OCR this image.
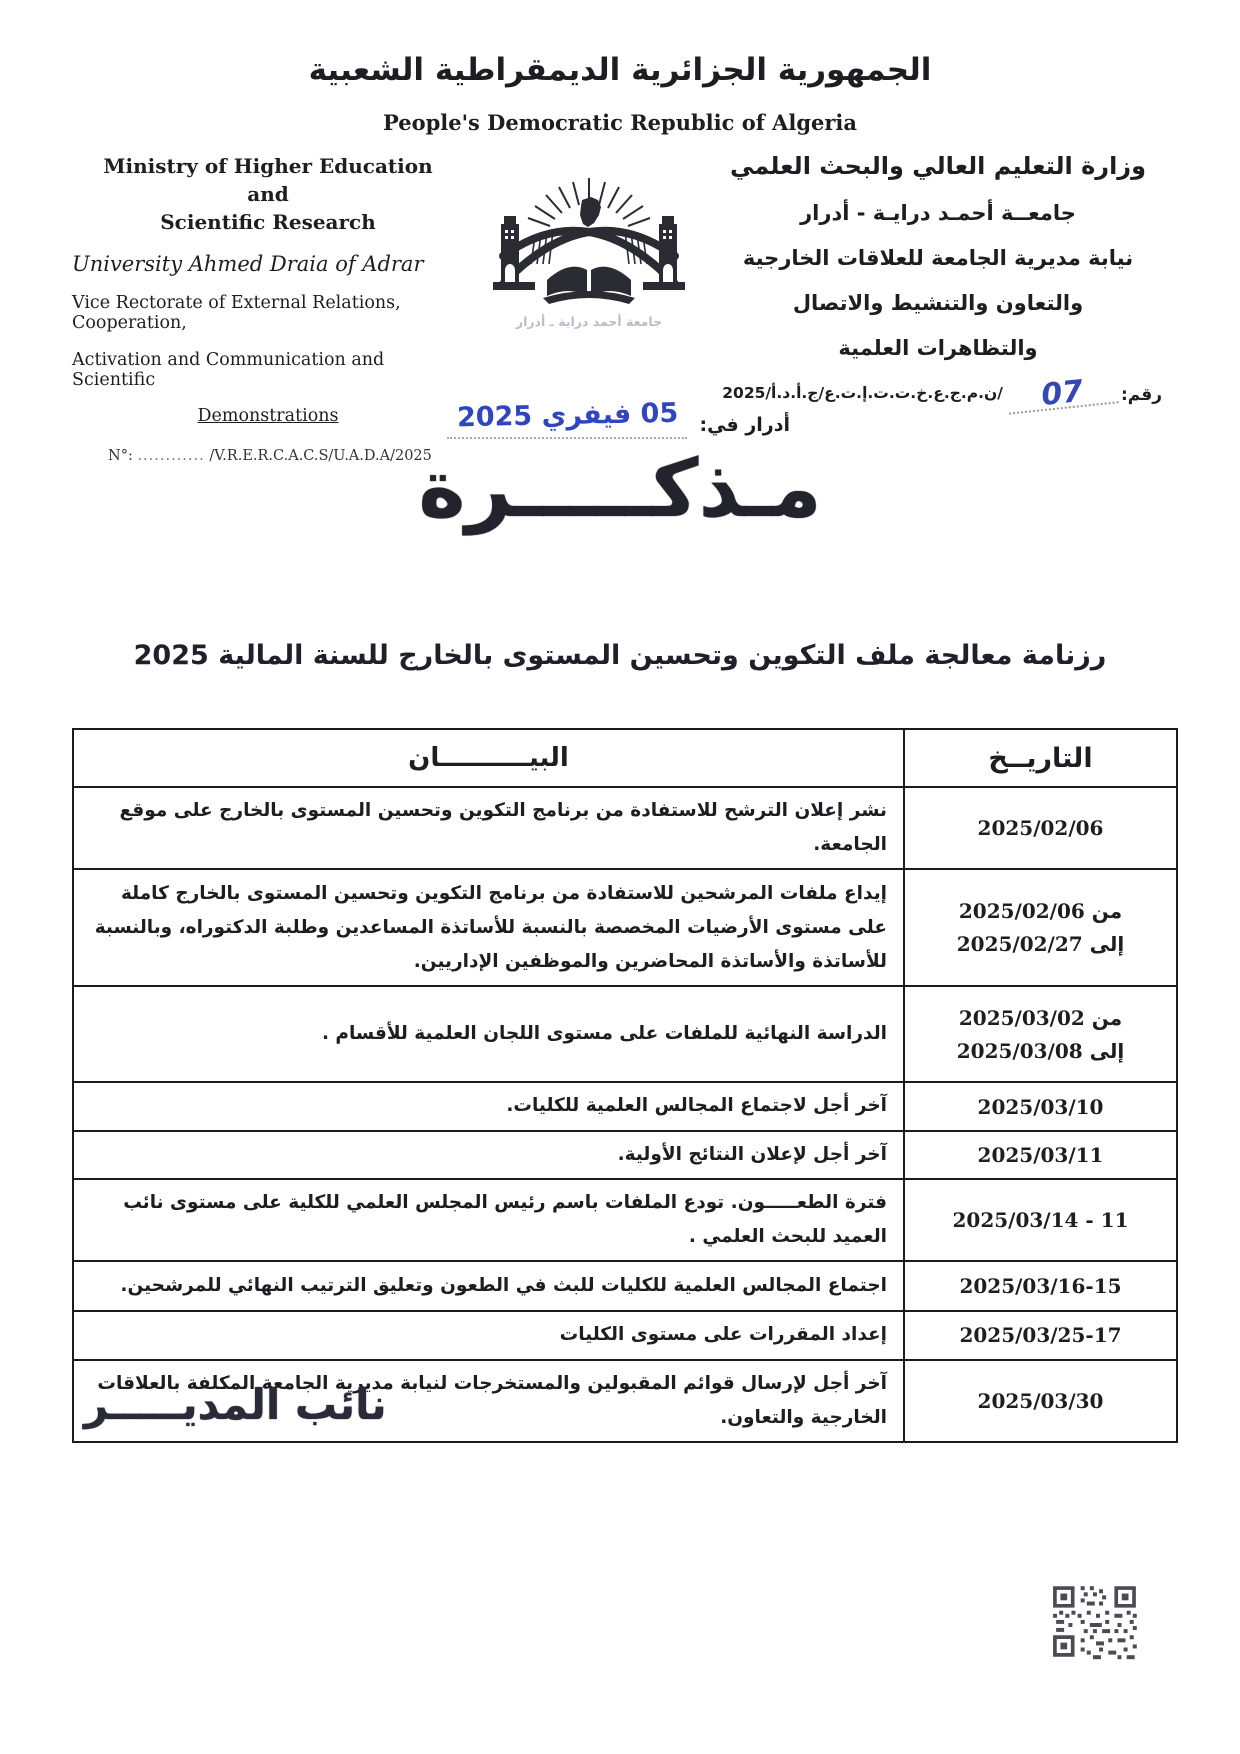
الجمهورية الجزائرية الديمقراطية الشعبية
People's Democratic Republic of Algeria
Ministry of Higher Education and
Scientific Research
University Ahmed Draia of Adrar
Vice Rectorate of External Relations, Cooperation,
Activation and Communication and Scientific
Demonstrations
N°: ............ /V.R.E.R.C.A.C.S/U.A.D.A/2025
جامعة أحمد دراية ـ أدرار
وزارة التعليم العالي والبحث العلمي
جامعــة أحمـد درايـة - أدرار
نيابة مديرية الجامعة للعلاقات الخارجية
والتعاون والتنشيط والاتصال
والتظاهرات العلمية
رقم:
07
/ن.م.ج.ع.خ.ت.ت.إ.ت.ع/ج.أ.د.أ/2025
أدرار في:
05 فيفري 2025
مـذكـــــرة
رزنامة معالجة ملف التكوين وتحسين المستوى بالخارج للسنة المالية 2025
التاريــخ	البيــــــــــان

2025/02/06	نشر إعلان الترشح للاستفادة من برنامج التكوين وتحسين المستوى بالخارج على موقع الجامعة.

من 2025/02/06
إلى 2025/02/27	إيداع ملفات المرشحين للاستفادة من برنامج التكوين وتحسين المستوى بالخارج كاملة على مستوى الأرضيات المخصصة بالنسبة للأساتذة المساعدين وطلبة الدكتوراه، وبالنسبة للأساتذة والأساتذة المحاضرين والموظفين الإداريين.

من 2025/03/02
إلى 2025/03/08	الدراسة النهائية للملفات على مستوى اللجان العلمية للأقسام .

2025/03/10	آخر أجل لاجتماع المجالس العلمية للكليات.

2025/03/11	آخر أجل لإعلان النتائج الأولية.

2025/03/14 - 11	فترة الطعـــــون. تودع الملفات باسم رئيس المجلس العلمي للكلية على مستوى نائب العميد للبحث العلمي .

2025/03/16-15	اجتماع المجالس العلمية للكليات للبث في الطعون وتعليق الترتيب النهائي للمرشحين.

2025/03/25-17	إعداد المقررات على مستوى الكليات

2025/03/30	آخر أجل لإرسال قوائم المقبولين والمستخرجات لنيابة مديرية الجامعة المكلفة بالعلاقات الخارجية والتعاون.
نائب المديـــــر
